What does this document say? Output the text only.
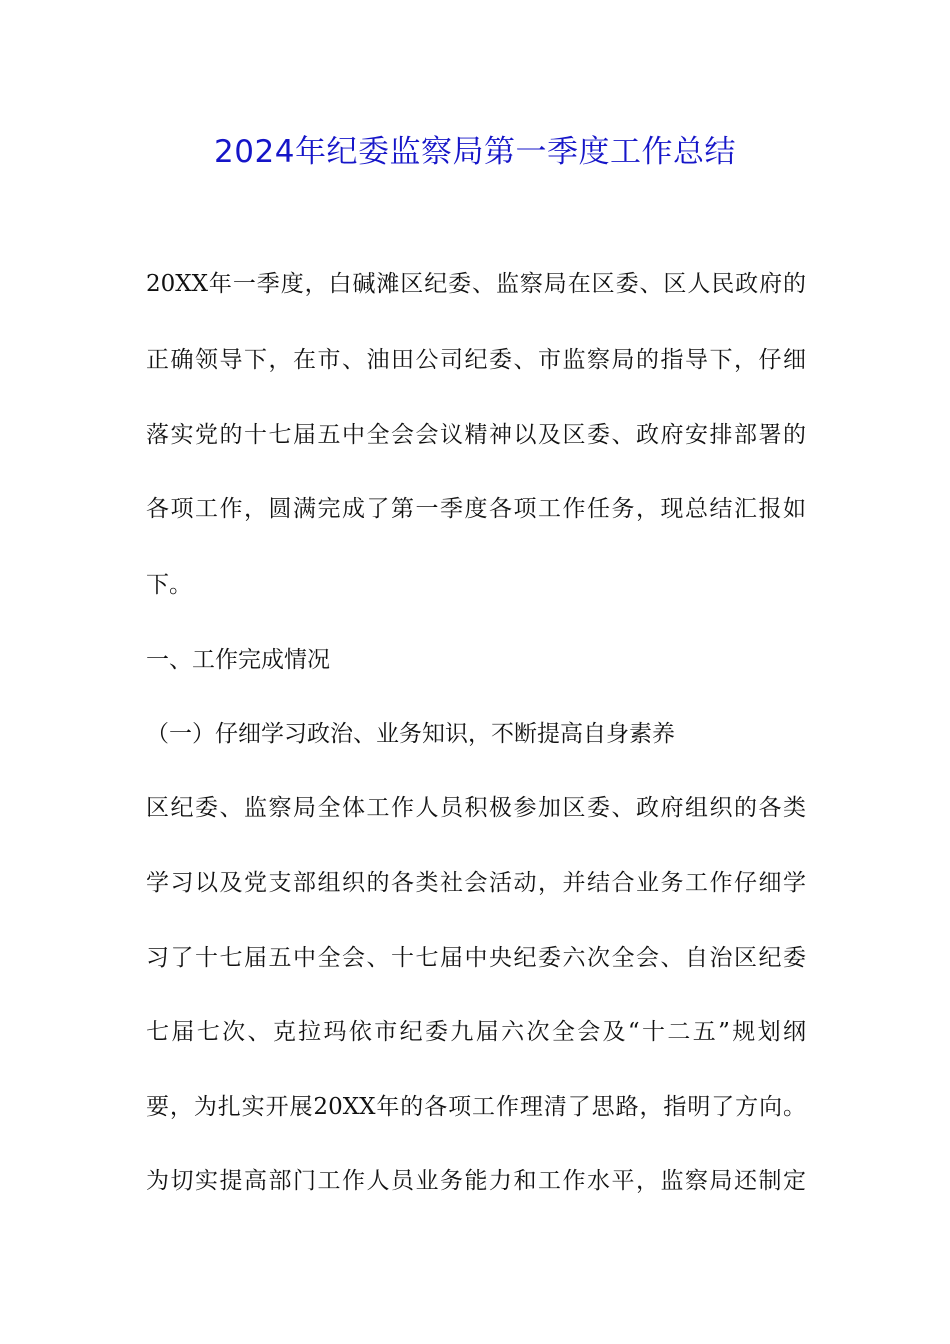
2024年纪委监察局第一季度工作总结

20XX年一季度，白碱滩区纪委、监察局在区委、区人民政府的

正确领导下，在市、油田公司纪委、市监察局的指导下，仔细

落实党的十七届五中全会会议精神以及区委、政府安排部署的

各项工作，圆满完成了第一季度各项工作任务，现总结汇报如

下。

一、工作完成情况

（一）仔细学习政治、业务知识，不断提高自身素养

区纪委、监察局全体工作人员积极参加区委、政府组织的各类

学习以及党支部组织的各类社会活动，并结合业务工作仔细学

习了十七届五中全会、十七届中央纪委六次全会、自治区纪委

七届七次、克拉玛依市纪委九届六次全会及“十二五”规划纲

要，为扎实开展20XX年的各项工作理清了思路，指明了方向。

为切实提高部门工作人员业务能力和工作水平，监察局还制定
